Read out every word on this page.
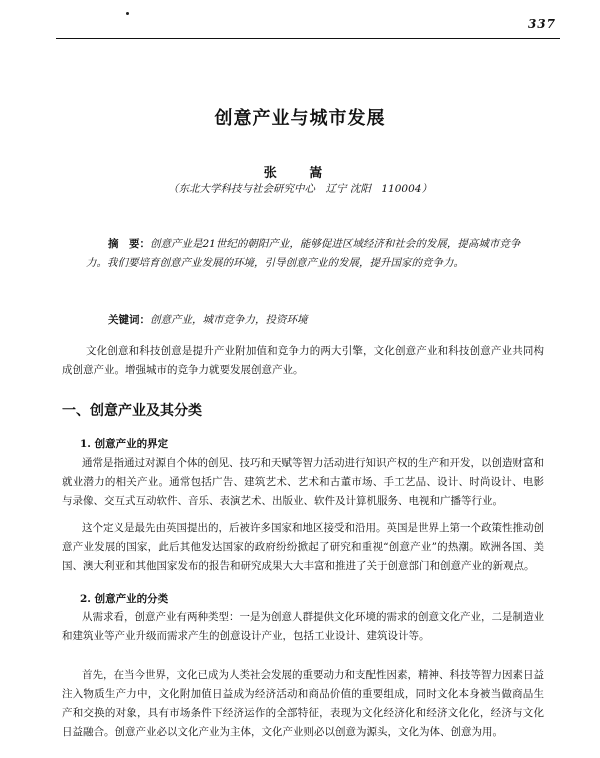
337
创意产业与城市发展
张 嵩
（东北大学科技与社会研究中心　辽宁 沈阳　110004）
摘　要：创意产业是21世纪的朝阳产业，能够促进区域经济和社会的发展，提高城市竞争力。我们要培育创意产业发展的环境，引导创意产业的发展，提升国家的竞争力。
关键词：创意产业，城市竞争力，投资环境
文化创意和科技创意是提升产业附加值和竞争力的两大引擎，文化创意产业和科技创意产业共同构成创意产业。增强城市的竞争力就要发展创意产业。
一、创意产业及其分类
1. 创意产业的界定
通常是指通过对源自个体的创见、技巧和天赋等智力活动进行知识产权的生产和开发，以创造财富和就业潜力的相关产业。通常包括广告、建筑艺术、艺术和古董市场、手工艺品、设计、时尚设计、电影与录像、交互式互动软件、音乐、表演艺术、出版业、软件及计算机服务、电视和广播等行业。
这个定义是最先由英国提出的，后被许多国家和地区接受和沿用。英国是世界上第一个政策性推动创意产业发展的国家，此后其他发达国家的政府纷纷掀起了研究和重视“创意产业”的热潮。欧洲各国、美国、澳大利亚和其他国家发布的报告和研究成果大大丰富和推进了关于创意部门和创意产业的新观点。
2. 创意产业的分类
从需求看，创意产业有两种类型：一是为创意人群提供文化环境的需求的创意文化产业，二是制造业和建筑业等产业升级而需求产生的创意设计产业，包括工业设计、建筑设计等。
首先，在当今世界，文化已成为人类社会发展的重要动力和支配性因素，精神、科技等智力因素日益注入物质生产力中，文化附加值日益成为经济活动和商品价值的重要组成，同时文化本身被当做商品生产和交换的对象，具有市场条件下经济运作的全部特征，表现为文化经济化和经济文化化，经济与文化日益融合。创意产业必以文化产业为主体，文化产业则必以创意为源头，文化为体、创意为用。
